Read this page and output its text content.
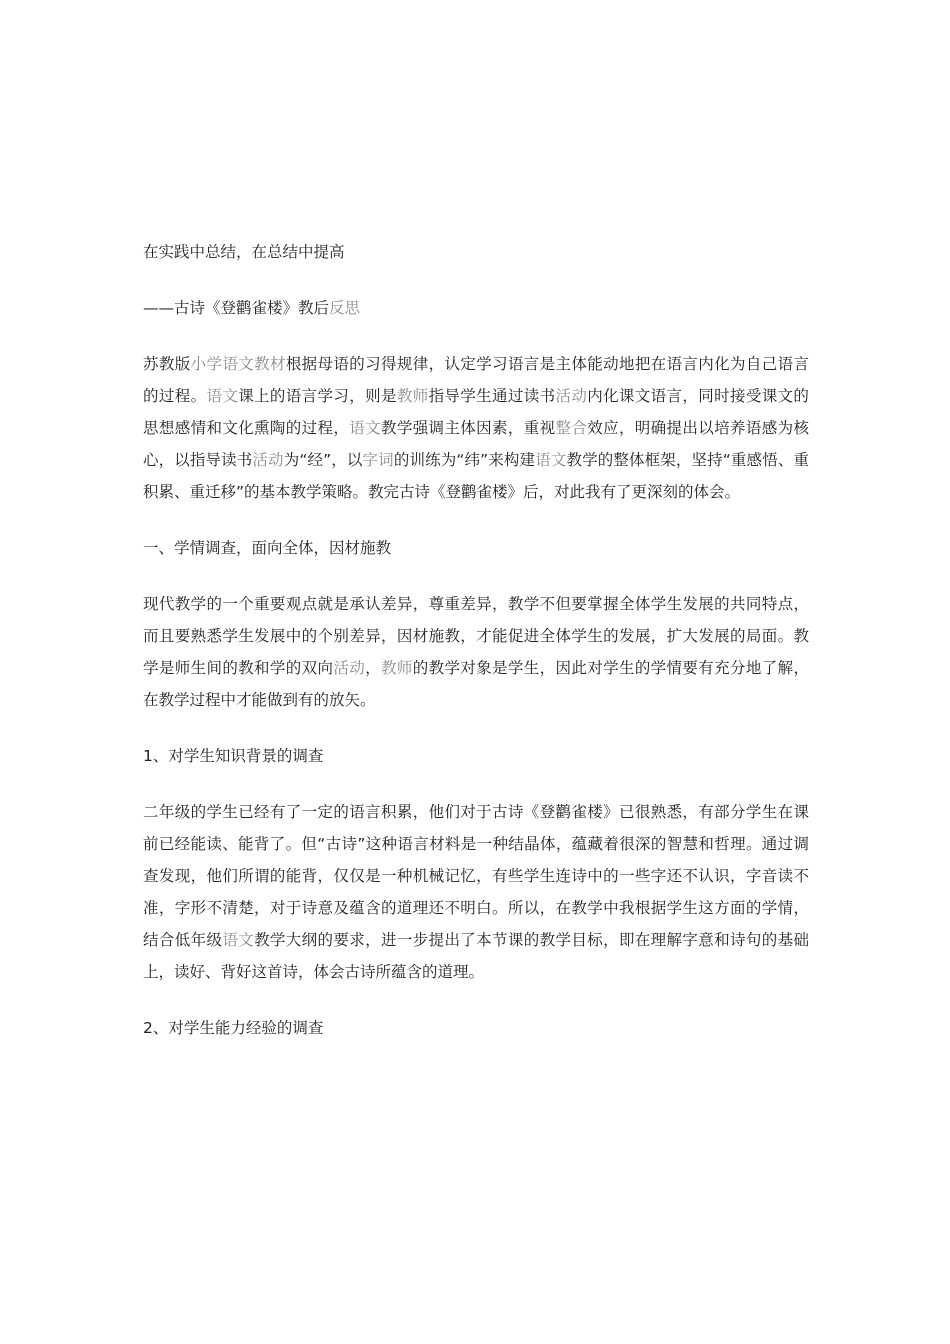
在实践中总结，在总结中提高

——古诗《登鹳雀楼》教后反思

苏教版小学语文教材根据母语的习得规律，认定学习语言是主体能动地把在语言内化为自己语言的过程。语文课上的语言学习，则是教师指导学生通过读书活动内化课文语言，同时接受课文的思想感情和文化熏陶的过程，语文教学强调主体因素，重视整合效应，明确提出以培养语感为核心，以指导读书活动为“经”，以字词的训练为“纬”来构建语文教学的整体框架，坚持“重感悟、重积累、重迁移”的基本教学策略。教完古诗《登鹳雀楼》后，对此我有了更深刻的体会。

一、学情调查，面向全体，因材施教

现代教学的一个重要观点就是承认差异，尊重差异，教学不但要掌握全体学生发展的共同特点，而且要熟悉学生发展中的个别差异，因材施教，才能促进全体学生的发展，扩大发展的局面。教学是师生间的教和学的双向活动，教师的教学对象是学生，因此对学生的学情要有充分地了解，在教学过程中才能做到有的放矢。

1、对学生知识背景的调查

二年级的学生已经有了一定的语言积累，他们对于古诗《登鹳雀楼》已很熟悉，有部分学生在课前已经能读、能背了。但“古诗”这种语言材料是一种结晶体，蕴藏着很深的智慧和哲理。通过调查发现，他们所谓的能背，仅仅是一种机械记忆，有些学生连诗中的一些字还不认识，字音读不准，字形不清楚，对于诗意及蕴含的道理还不明白。所以，在教学中我根据学生这方面的学情，结合低年级语文教学大纲的要求，进一步提出了本节课的教学目标，即在理解字意和诗句的基础上，读好、背好这首诗，体会古诗所蕴含的道理。

2、对学生能力经验的调查
